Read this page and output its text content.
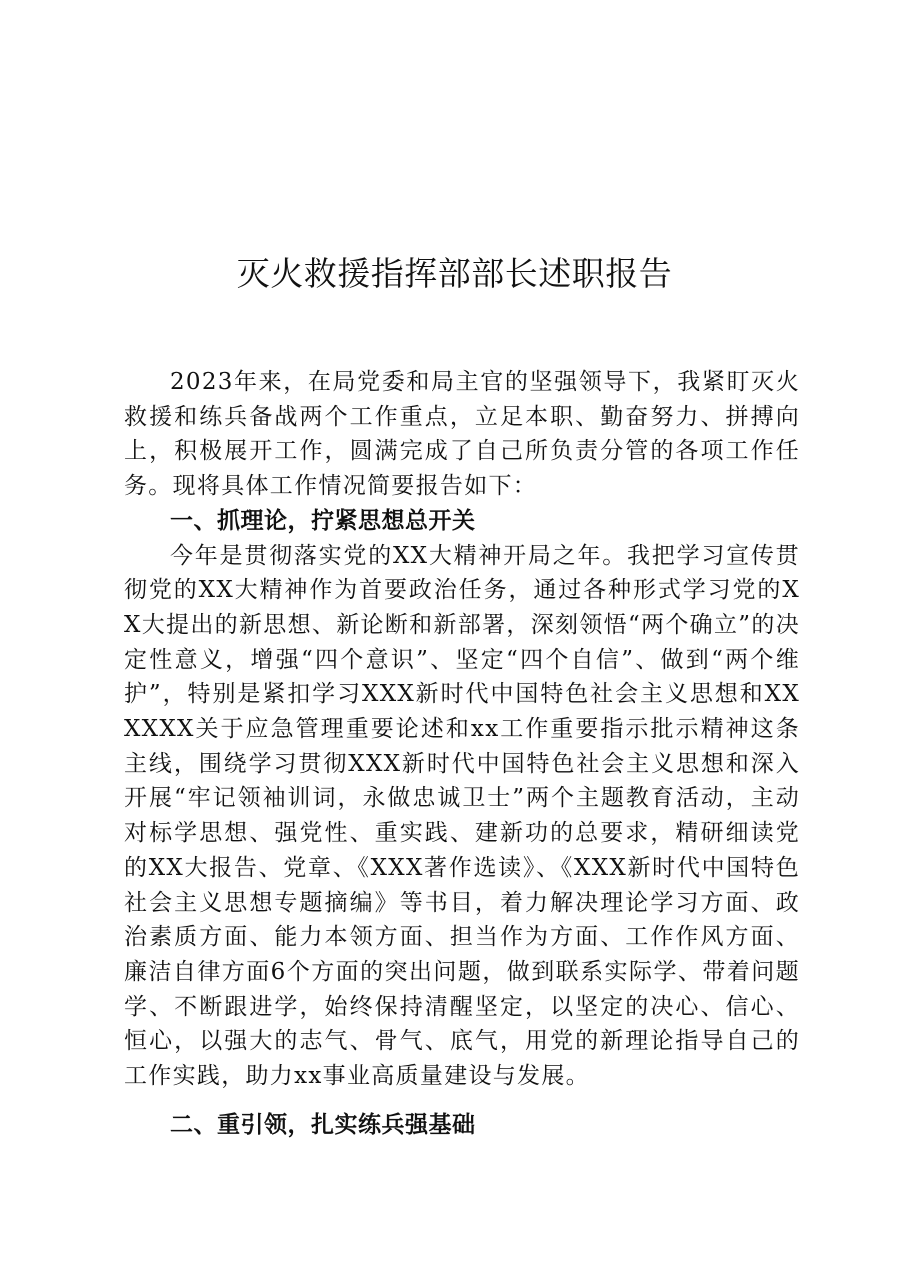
灭火救援指挥部部长述职报告

2023年来，在局党委和局主官的坚强领导下，我紧盯灭火救援和练兵备战两个工作重点，立足本职、勤奋努力、拼搏向上，积极展开工作，圆满完成了自己所负责分管的各项工作任务。现将具体工作情况简要报告如下：

一、抓理论，拧紧思想总开关

今年是贯彻落实党的XX大精神开局之年。我把学习宣传贯彻党的XX大精神作为首要政治任务，通过各种形式学习党的XX大提出的新思想、新论断和新部署，深刻领悟“两个确立”的决定性意义，增强“四个意识”、坚定“四个自信”、做到“两个维护”，特别是紧扣学习XXX新时代中国特色社会主义思想和XXXXXX关于应急管理重要论述和xx工作重要指示批示精神这条主线，围绕学习贯彻XXX新时代中国特色社会主义思想和深入开展“牢记领袖训词，永做忠诚卫士”两个主题教育活动，主动对标学思想、强党性、重实践、建新功的总要求，精研细读党的XX大报告、党章、《XXX著作选读》、《XXX新时代中国特色社会主义思想专题摘编》等书目，着力解决理论学习方面、政治素质方面、能力本领方面、担当作为方面、工作作风方面、廉洁自律方面6个方面的突出问题，做到联系实际学、带着问题学、不断跟进学，始终保持清醒坚定，以坚定的决心、信心、恒心，以强大的志气、骨气、底气，用党的新理论指导自己的工作实践，助力xx事业高质量建设与发展。

二、重引领，扎实练兵强基础
